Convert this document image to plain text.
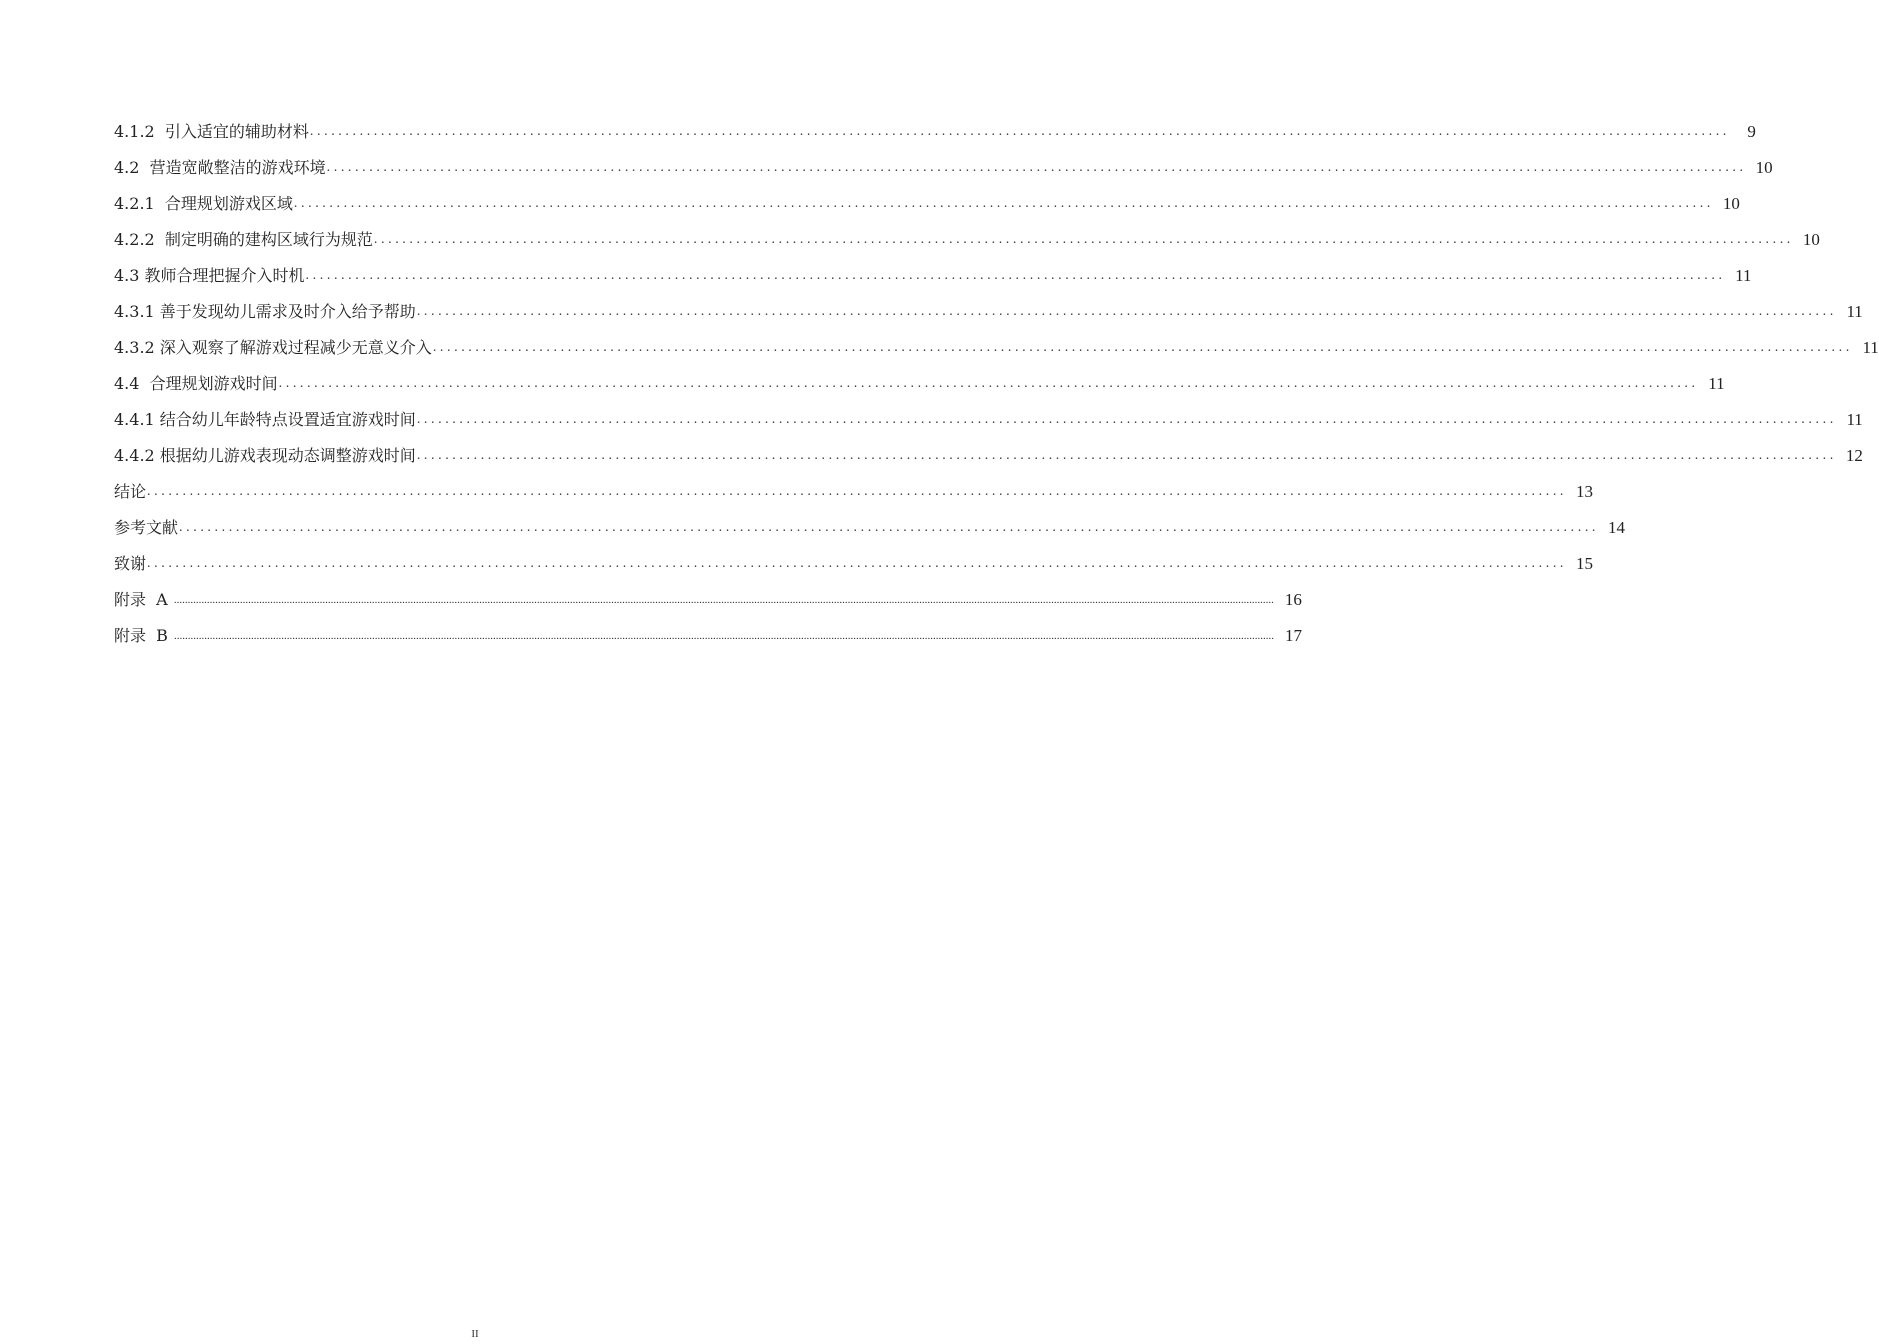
4.1.2  引入适宜的辅助材料 ........................................................................................................................................................................................................	9
4.2  营造宽敞整洁的游戏环境 ........................................................................................................................................................................................................ 10
4.2.1  合理规划游戏区域 ........................................................................................................................................................................................................ 10
4.2.2  制定明确的建构区域行为规范 ........................................................................................................................................................................................................ 10
4.3 教师合理把握介入时机 ........................................................................................................................................................................................................ 11
4.3.1 善于发现幼儿需求及时介入给予帮助 ........................................................................................................................................................................................................ 11
4.3.2 深入观察了解游戏过程减少无意义介入 ........................................................................................................................................................................................................ 11
4.4  合理规划游戏时间 ........................................................................................................................................................................................................ 11
4.4.1 结合幼儿年龄特点设置适宜游戏时间 ........................................................................................................................................................................................................ 11
4.4.2 根据幼儿游戏表现动态调整游戏时间 ........................................................................................................................................................................................................ 12
结论 ........................................................................................................................................................................................................ 13
参考文献 ........................................................................................................................................................................................................ 14
致谢 ........................................................................................................................................................................................................ 15
附录  A ................................................................................................................................................................................................................................................................................................................................................................................................................ 16
附录  B ................................................................................................................................................................................................................................................................................................................................................................................................................ 17
II
